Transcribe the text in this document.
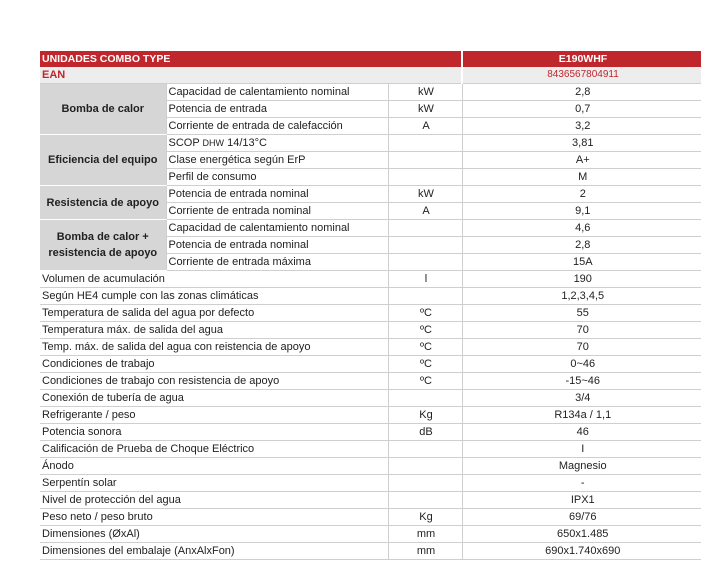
UNIDADES COMBO TYPE			E190WHF
EAN			8436567804911
Bomba de calor	Capacidad de calentamiento nominal	kW	2,8
	Potencia de entrada	kW	0,7
	Corriente de entrada de calefacción	A	3,2
Eficiencia del equipo	SCOP DHW 14/13°C		3,81
	Clase energética según ErP		A+
	Perfil de consumo		M
Resistencia de apoyo	Potencia de entrada nominal	kW	2
	Corriente de entrada nominal	A	9,1

Bomba de calor +
resistencia de apoyo	Capacidad de calentamiento nominal		4,6
	Potencia de entrada nominal		2,8
	Corriente de entrada máxima		15A
Volumen de acumulación		l	190
Según HE4 cumple con las zonas climáticas			1,2,3,4,5
Temperatura de salida del agua por defecto		ºC	55
Temperatura máx. de salida del agua		ºC	70
Temp. máx. de salida del agua con reistencia de apoyo		ºC	70
Condiciones de trabajo		ºC	0~46
Condiciones de trabajo con resistencia de apoyo		ºC	-15~46
Conexión de tubería de agua			3/4
Refrigerante / peso		Kg	R134a / 1,1
Potencia sonora		dB	46
Calificación de Prueba de Choque Eléctrico			I
Ánodo			Magnesio
Serpentín solar			-
Nivel de protección del agua			IPX1
Peso neto / peso bruto		Kg	69/76
Dimensiones (ØxAl)		mm	650x1.485
Dimensiones del embalaje (AnxAlxFon)		mm	690x1.740x690
